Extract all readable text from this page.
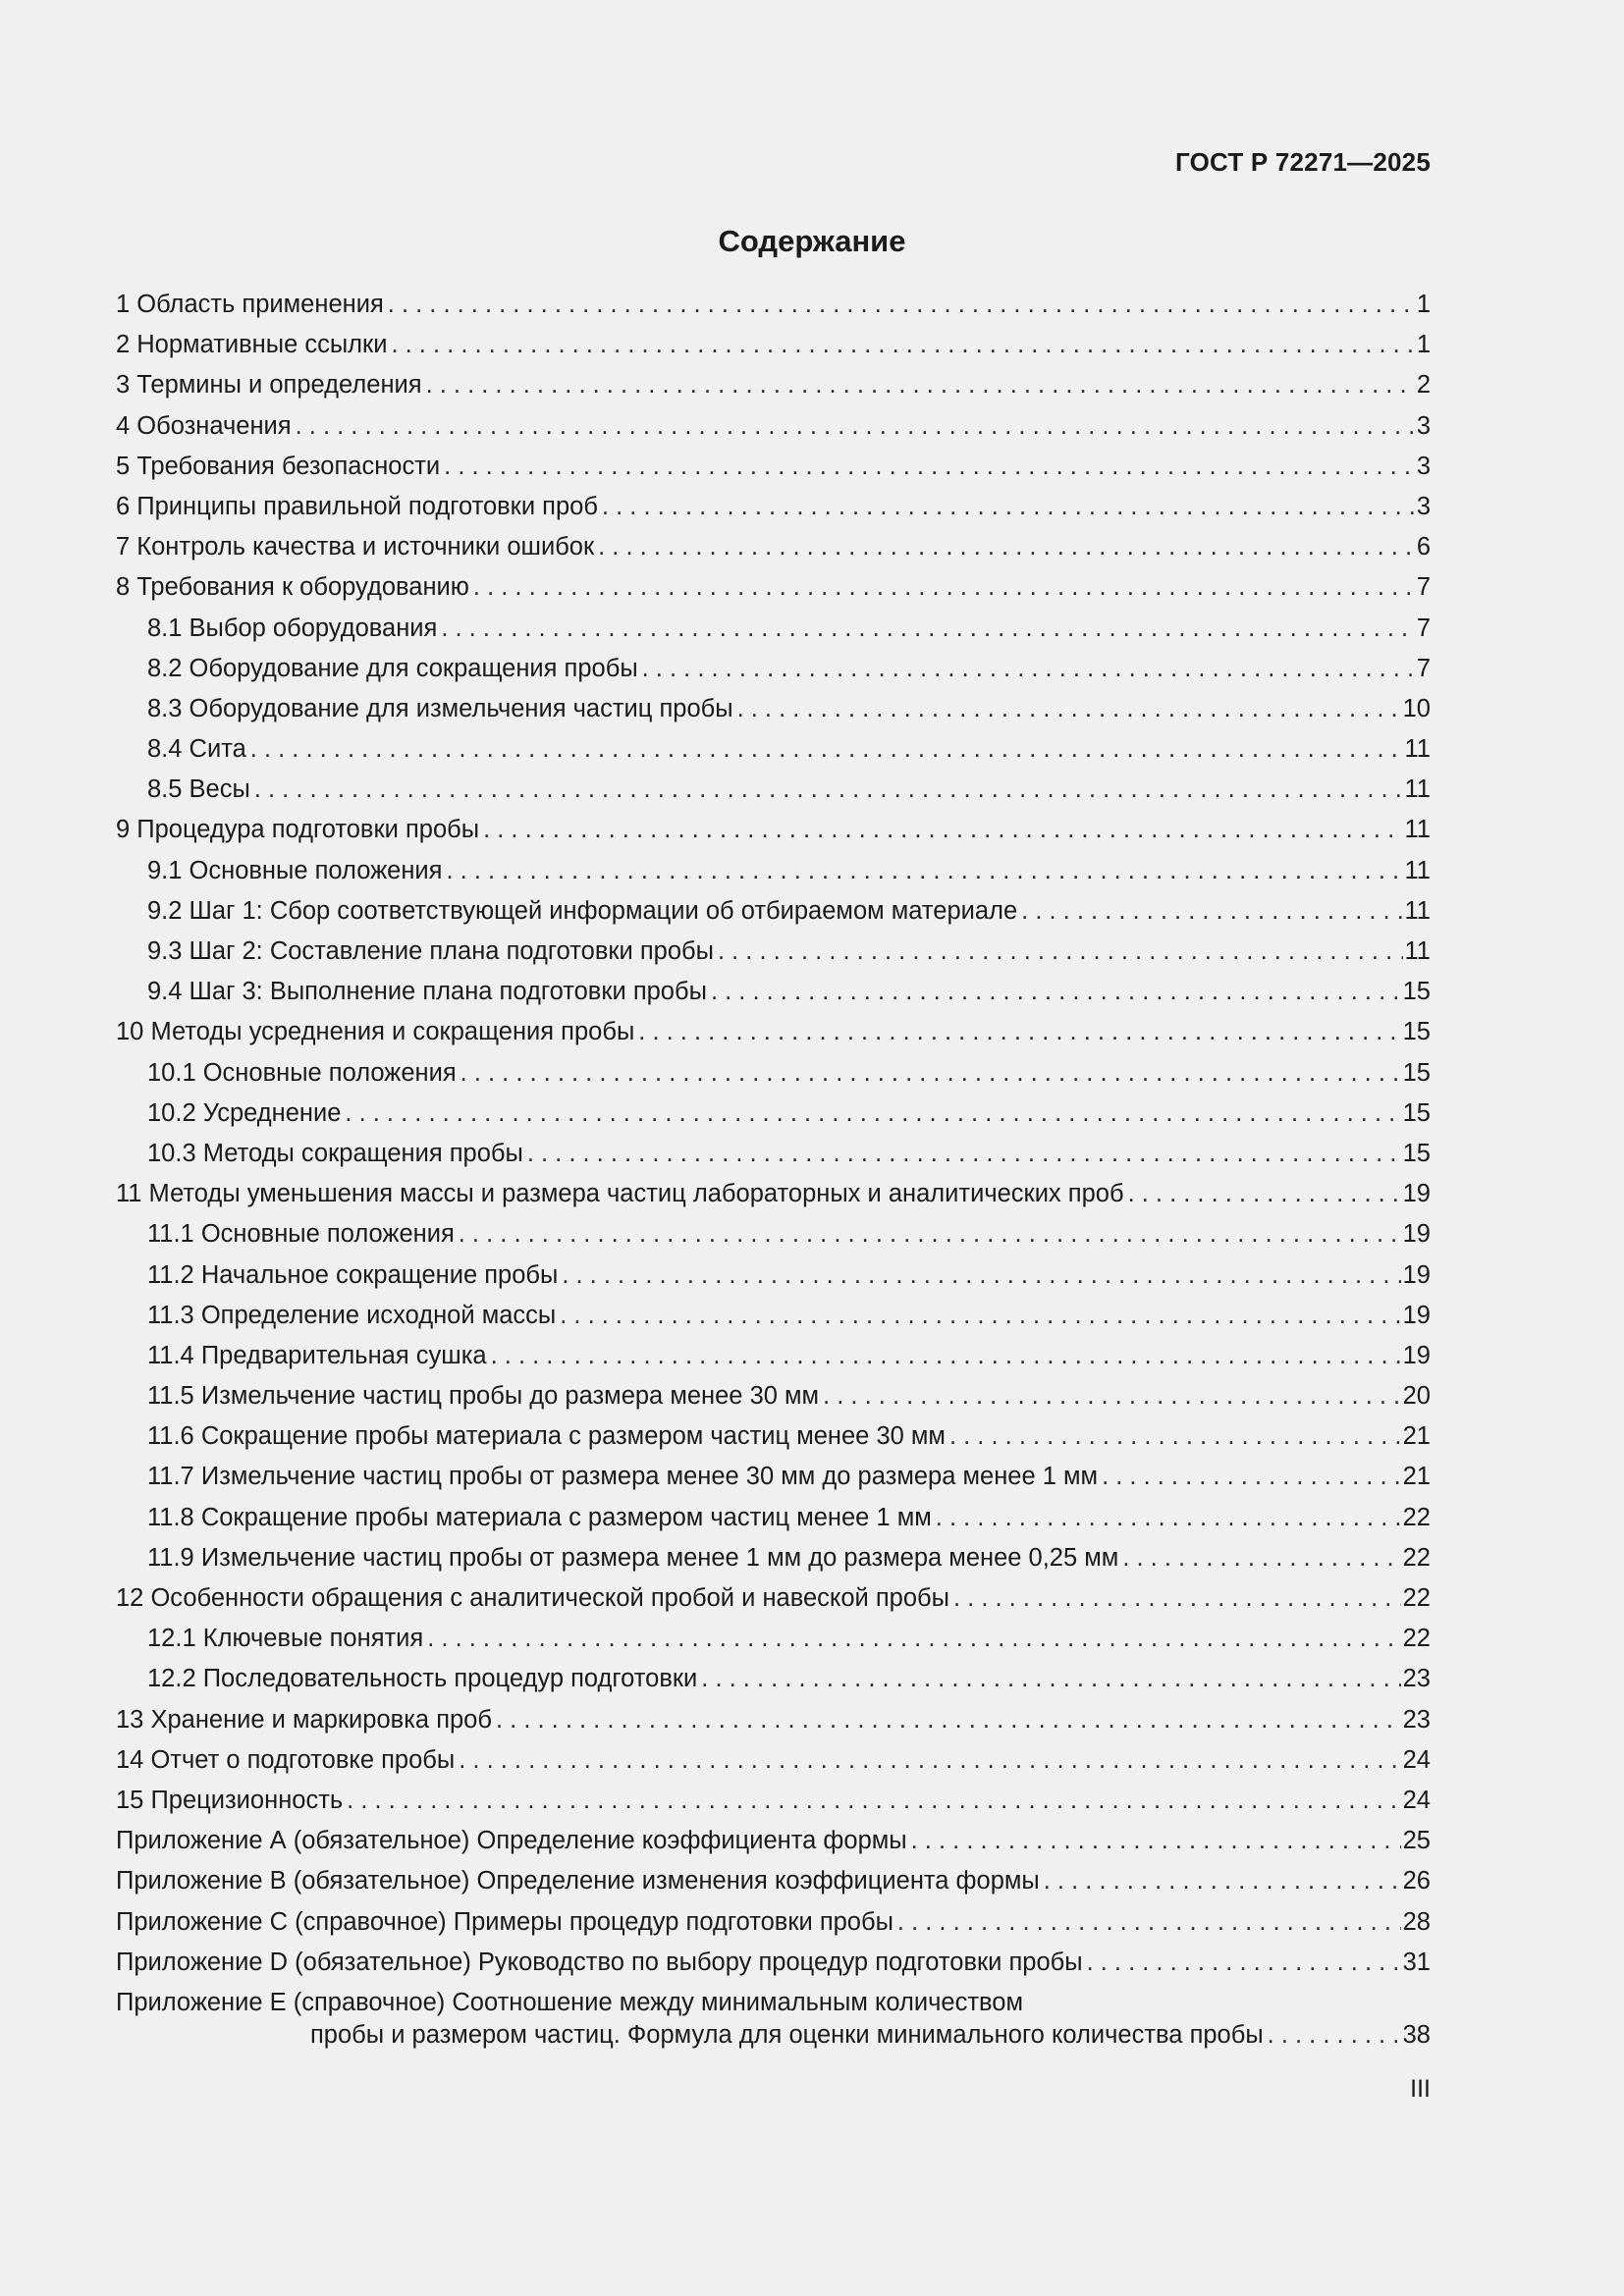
ГОСТ Р 72271—2025
Содержание
1 Область применения . . .	1
2 Нормативные ссылки . . .	1
3 Термины и определения . . .	2
4 Обозначения . . .	3
5 Требования безопасности . . .	3
6 Принципы правильной подготовки проб . . .	3
7 Контроль качества и источники ошибок . . .	6
8 Требования к оборудованию . . .	7
8.1 Выбор оборудования . . .	7
8.2 Оборудование для сокращения пробы . . .	7
8.3 Оборудование для измельчения частиц пробы . . .	10
8.4 Сита . . .	11
8.5 Весы . . .	11
9 Процедура подготовки пробы . . .	11
9.1 Основные положения . . .	11
9.2 Шаг 1: Сбор соответствующей информации об отбираемом материале . . .	11
9.3 Шаг 2: Составление плана подготовки пробы . . .	11
9.4 Шаг 3: Выполнение плана подготовки пробы . . .	15
10 Методы усреднения и сокращения пробы . . .	15
10.1 Основные положения . . .	15
10.2 Усреднение . . .	15
10.3 Методы сокращения пробы . . .	15
11 Методы уменьшения массы и размера частиц лабораторных и аналитических проб . . .	19
11.1 Основные положения . . .	19
11.2 Начальное сокращение пробы . . .	19
11.3 Определение исходной массы . . .	19
11.4 Предварительная сушка . . .	19
11.5 Измельчение частиц пробы до размера менее 30 мм . . .	20
11.6 Сокращение пробы материала с размером частиц менее 30 мм . . .	21
11.7 Измельчение частиц пробы от размера менее 30 мм до размера менее 1 мм . . .	21
11.8 Сокращение пробы материала с размером частиц менее 1 мм . . .	22
11.9 Измельчение частиц пробы от размера менее 1 мм до размера менее 0,25 мм . . .	22
12 Особенности обращения с аналитической пробой и навеской пробы . . .	22
12.1 Ключевые понятия . . .	22
12.2 Последовательность процедур подготовки . . .	23
13 Хранение и маркировка проб . . .	23
14 Отчет о подготовке пробы . . .	24
15 Прецизионность . . .	24
Приложение А (обязательное) Определение коэффициента формы . . .	25
Приложение В (обязательное) Определение изменения коэффициента формы . . .	26
Приложение С (справочное) Примеры процедур подготовки пробы . . .	28
Приложение D (обязательное) Руководство по выбору процедур подготовки пробы . . .	31
Приложение Е (справочное) Соотношение между минимальным количеством
пробы и размером частиц. Формула для оценки минимального количества пробы . . .	38
III
